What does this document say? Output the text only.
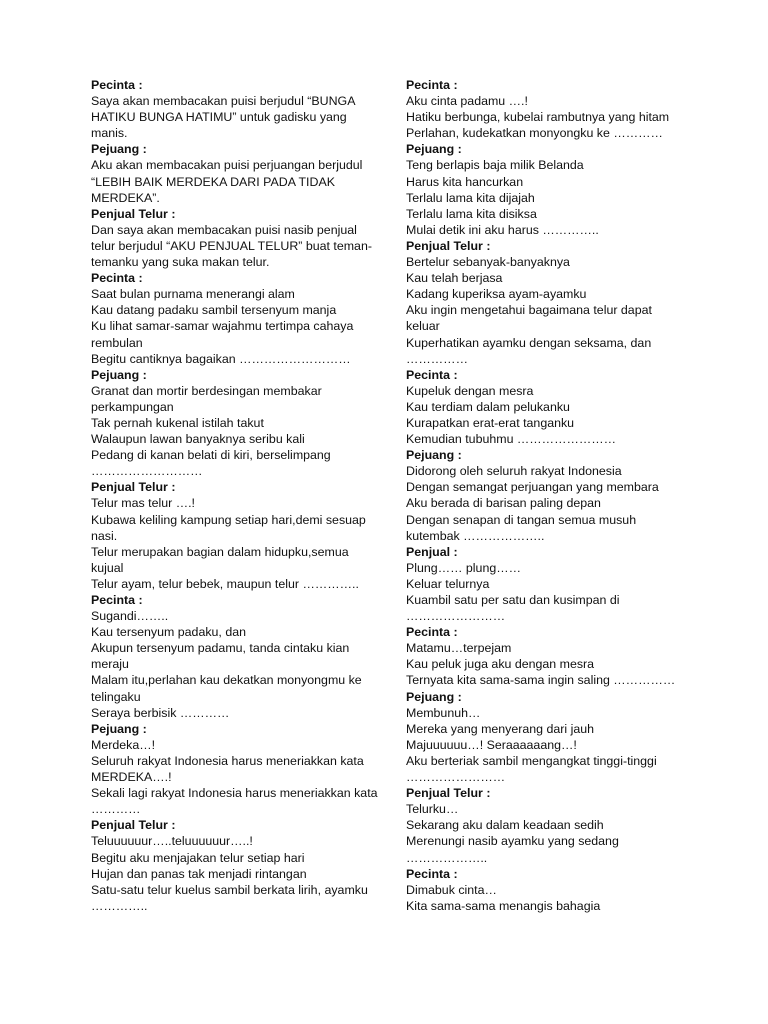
Pecinta :

Saya akan membacakan puisi berjudul “BUNGA HATIKU BUNGA HATIMU” untuk gadisku yang manis.

Pejuang :

Aku akan membacakan puisi perjuangan berjudul “LEBIH BAIK MERDEKA DARI PADA TIDAK MERDEKA”.

Penjual Telur :

Dan saya akan membacakan puisi nasib penjual telur berjudul “AKU PENJUAL TELUR” buat teman-temanku yang suka makan telur.

Pecinta :

Saat bulan purnama menerangi alam

Kau datang padaku sambil tersenyum manja

Ku lihat samar-samar wajahmu tertimpa cahaya rembulan

Begitu cantiknya bagaikan ………………………

Pejuang :

Granat dan mortir berdesingan membakar perkampungan

Tak pernah kukenal istilah takut

Walaupun lawan banyaknya seribu kali

Pedang di kanan belati di kiri, berselimpang ………………………

Penjual Telur :

Telur mas telur ….!

Kubawa keliling kampung setiap hari,demi sesuap nasi.

Telur merupakan bagian dalam hidupku,semua kujual

Telur ayam, telur bebek, maupun telur …………..

Pecinta :

Sugandi……..

Kau tersenyum padaku, dan

Akupun tersenyum padamu, tanda cintaku kian meraju

Malam itu,perlahan kau dekatkan monyongmu ke telingaku

Seraya berbisik …………

Pejuang :

Merdeka…!

Seluruh rakyat Indonesia harus meneriakkan kata

MERDEKA….!

Sekali lagi rakyat Indonesia harus meneriakkan kata …………

Penjual Telur :

Teluuuuuur…..teluuuuuur…..!

Begitu aku menjajakan telur setiap hari

Hujan dan panas tak menjadi rintangan

Satu-satu telur kuelus sambil berkata lirih, ayamku …………..

Pecinta :

Aku cinta padamu ….!

Hatiku berbunga, kubelai rambutnya yang hitam

Perlahan, kudekatkan monyongku ke …………

Pejuang :

Teng berlapis baja milik Belanda

Harus kita hancurkan

Terlalu lama kita dijajah

Terlalu lama kita disiksa

Mulai detik ini aku harus …………..

Penjual Telur :

Bertelur sebanyak-banyaknya

Kau telah berjasa

Kadang kuperiksa ayam-ayamku

Aku ingin mengetahui bagaimana telur dapat keluar

Kuperhatikan ayamku dengan seksama, dan ……………

Pecinta :

Kupeluk dengan mesra

Kau terdiam dalam pelukanku

Kurapatkan erat-erat tanganku

Kemudian tubuhmu ……………………

Pejuang :

Didorong oleh seluruh rakyat Indonesia

Dengan semangat perjuangan yang membara

Aku berada di barisan paling depan

Dengan senapan di tangan semua musuh kutembak ………………..

Penjual :

Plung…… plung……

Keluar telurnya

Kuambil satu per satu dan kusimpan di ……………………

Pecinta :

Matamu…terpejam

Kau peluk juga aku dengan mesra

Ternyata kita sama-sama ingin saling ……………

Pejuang :

Membunuh…

Mereka yang menyerang dari jauh

Majuuuuuu…! Seraaaaaang…!

Aku berteriak sambil mengangkat tinggi-tinggi ……………………

Penjual Telur :

Telurku…

Sekarang aku dalam keadaan sedih

Merenungi nasib ayamku yang sedang ………………..

Pecinta :

Dimabuk cinta…

Kita sama-sama menangis bahagia
